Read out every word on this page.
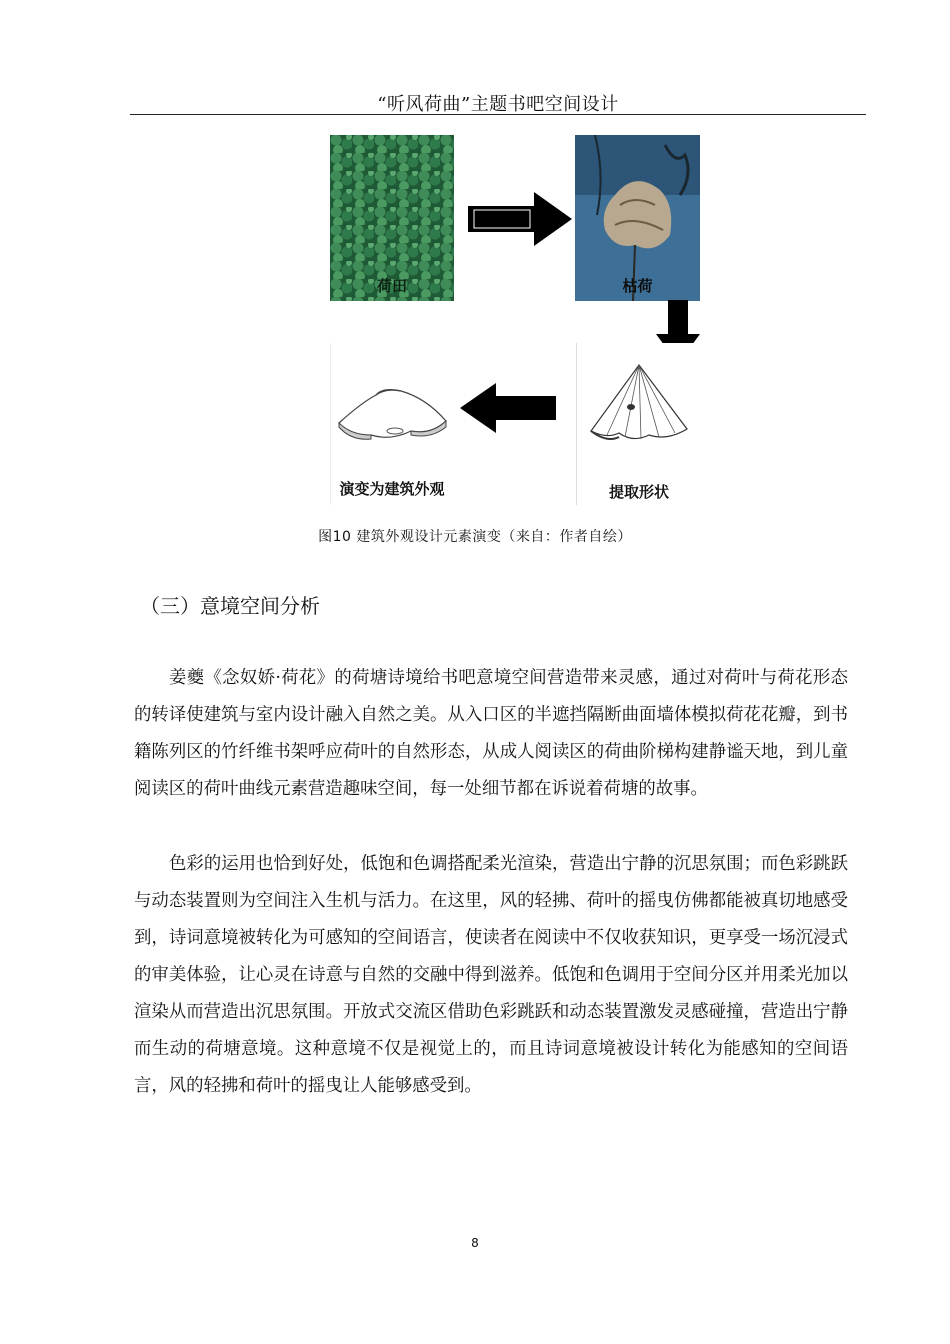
“听风荷曲”主题书吧空间设计
荷田	枯荷
演变为建筑外观	提取形状
图10 建筑外观设计元素演变（来自：作者自绘）
（三）意境空间分析

姜夔《念奴娇·荷花》的荷塘诗境给书吧意境空间营造带来灵感，通过对荷叶与荷花形态的转译使建筑与室内设计融入自然之美。从入口区的半遮挡隔断曲面墙体模拟荷花花瓣，到书籍陈列区的竹纤维书架呼应荷叶的自然形态，从成人阅读区的荷曲阶梯构建静谧天地，到儿童阅读区的荷叶曲线元素营造趣味空间，每一处细节都在诉说着荷塘的故事。

色彩的运用也恰到好处，低饱和色调搭配柔光渲染，营造出宁静的沉思氛围；而色彩跳跃与动态装置则为空间注入生机与活力。在这里，风的轻拂、荷叶的摇曳仿佛都能被真切地感受到，诗词意境被转化为可感知的空间语言，使读者在阅读中不仅收获知识，更享受一场沉浸式的审美体验，让心灵在诗意与自然的交融中得到滋养。低饱和色调用于空间分区并用柔光加以渲染从而营造出沉思氛围。开放式交流区借助色彩跳跃和动态装置激发灵感碰撞，营造出宁静而生动的荷塘意境。这种意境不仅是视觉上的，而且诗词意境被设计转化为能感知的空间语言，风的轻拂和荷叶的摇曳让人能够感受到。

8
